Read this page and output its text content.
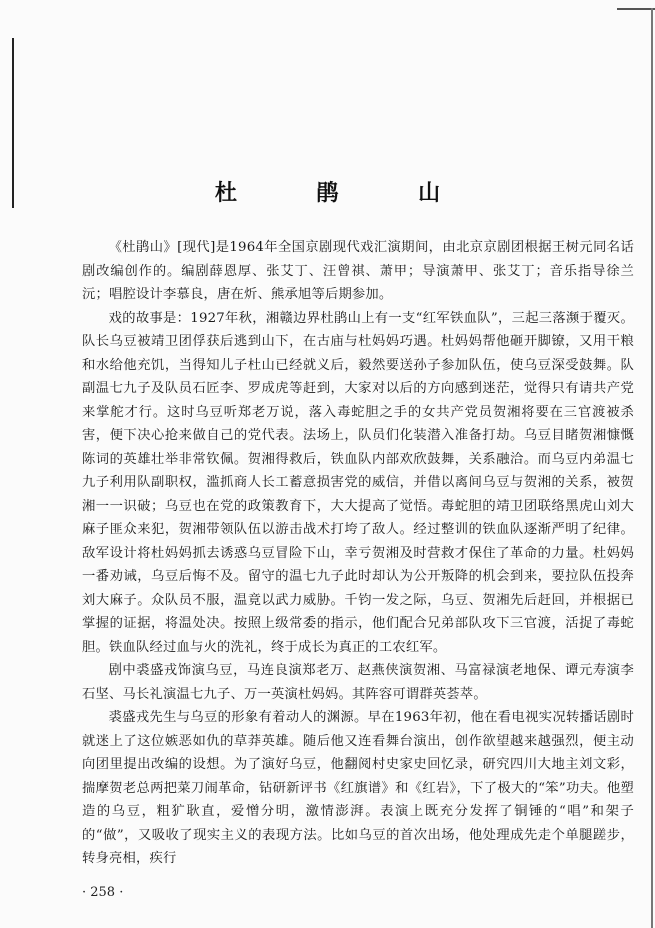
杜 鹃 山

《杜鹃山》[现代]是1964年全国京剧现代戏汇演期间，由北京京剧团根据王树元同名话剧改编创作的。编剧薛恩厚、张艾丁、汪曾祺、萧甲；导演萧甲、张艾丁；音乐指导徐兰沅；唱腔设计李慕良，唐在炘、熊承旭等后期参加。

戏的故事是：1927年秋，湘赣边界杜鹃山上有一支“红军铁血队”，三起三落濒于覆灭。队长乌豆被靖卫团俘获后逃到山下，在古庙与杜妈妈巧遇。杜妈妈帮他砸开脚镣，又用干粮和水给他充饥，当得知儿子杜山已经就义后，毅然要送孙子参加队伍，使乌豆深受鼓舞。队副温七九子及队员石匠李、罗成虎等赶到，大家对以后的方向感到迷茫，觉得只有请共产党来掌舵才行。这时乌豆听郑老万说，落入毒蛇胆之手的女共产党员贺湘将要在三官渡被杀害，便下决心抢来做自己的党代表。法场上，队员们化装潜入准备打劫。乌豆目睹贺湘慷慨陈词的英雄壮举非常钦佩。贺湘得救后，铁血队内部欢欣鼓舞，关系融洽。而乌豆内弟温七九子利用队副职权，滥抓商人长工蓄意损害党的威信，并借以离间乌豆与贺湘的关系，被贺湘一一识破；乌豆也在党的政策教育下，大大提高了觉悟。毒蛇胆的靖卫团联络黑虎山刘大麻子匪众来犯，贺湘带领队伍以游击战术打垮了敌人。经过整训的铁血队逐渐严明了纪律。敌军设计将杜妈妈抓去诱惑乌豆冒险下山，幸亏贺湘及时营救才保住了革命的力量。杜妈妈一番劝诫，乌豆后悔不及。留守的温七九子此时却认为公开叛降的机会到来，要拉队伍投奔刘大麻子。众队员不服，温竟以武力威胁。千钧一发之际，乌豆、贺湘先后赶回，并根据已掌握的证据，将温处决。按照上级常委的指示，他们配合兄弟部队攻下三官渡，活捉了毒蛇胆。铁血队经过血与火的洗礼，终于成长为真正的工农红军。

剧中裘盛戎饰演乌豆，马连良演郑老万、赵燕侠演贺湘、马富禄演老地保、谭元寿演李石坚、马长礼演温七九子、万一英演杜妈妈。其阵容可谓群英荟萃。

裘盛戎先生与乌豆的形象有着动人的渊源。早在1963年初，他在看电视实况转播话剧时就迷上了这位嫉恶如仇的草莽英雄。随后他又连看舞台演出，创作欲望越来越强烈，便主动向团里提出改编的设想。为了演好乌豆，他翻阅村史家史回忆录，研究四川大地主刘文彩，揣摩贺老总两把菜刀闹革命，钻研新评书《红旗谱》和《红岩》，下了极大的“笨”功夫。他塑造的乌豆，粗犷耿直，爱憎分明，激情澎湃。表演上既充分发挥了铜锤的“唱”和架子的“做”，又吸收了现实主义的表现方法。比如乌豆的首次出场，他处理成先走个单腿蹉步，转身亮相，疾行

· 258 ·
